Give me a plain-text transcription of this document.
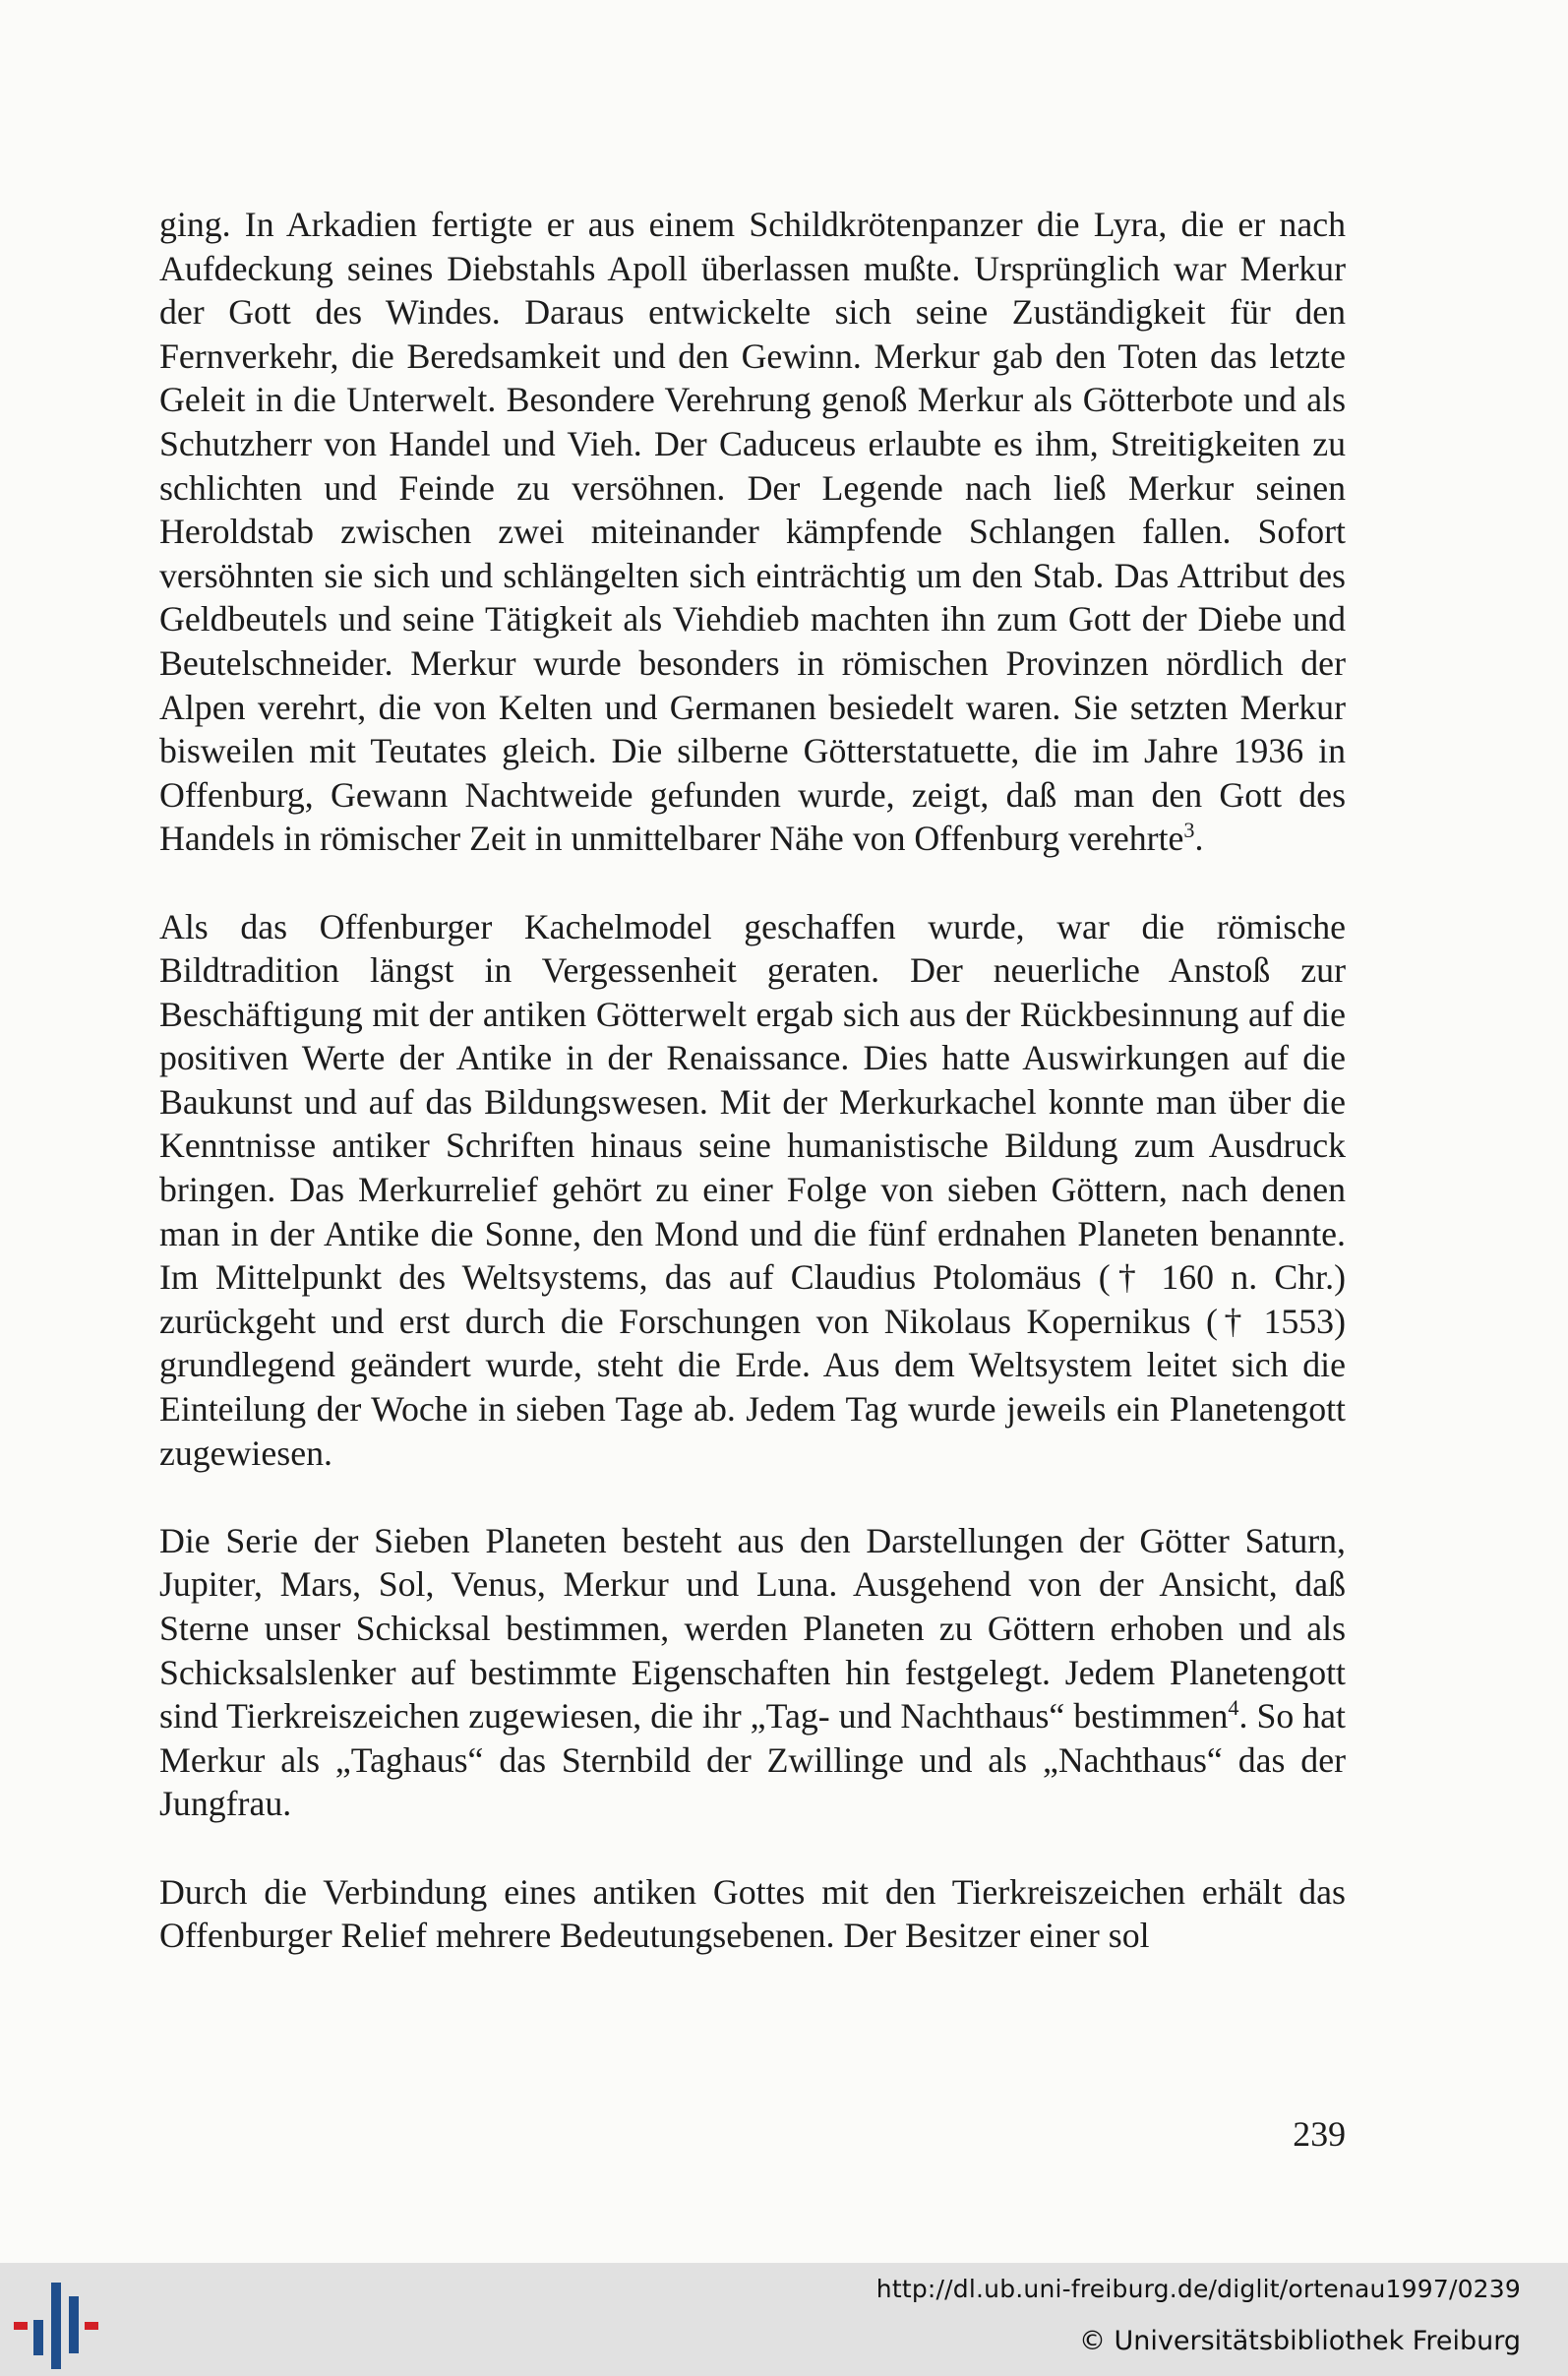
ging. In Arkadien fertigte er aus einem Schildkrötenpanzer die Lyra, die er nach Aufdeckung seines Diebstahls Apoll überlassen mußte. Ursprünglich war Merkur der Gott des Windes. Daraus entwickelte sich seine Zuständigkeit für den Fernverkehr, die Beredsamkeit und den Gewinn. Merkur gab den Toten das letzte Geleit in die Unterwelt. Besondere Verehrung genoß Merkur als Götterbote und als Schutzherr von Handel und Vieh. Der Caduceus erlaubte es ihm, Streitigkeiten zu schlichten und Feinde zu versöhnen. Der Legende nach ließ Merkur seinen Heroldstab zwischen zwei miteinander kämpfende Schlangen fallen. Sofort versöhnten sie sich und schlängelten sich einträchtig um den Stab. Das Attribut des Geldbeutels und seine Tätigkeit als Viehdieb machten ihn zum Gott der Diebe und Beutelschneider. Merkur wurde besonders in römischen Provinzen nördlich der Alpen verehrt, die von Kelten und Germanen besiedelt waren. Sie setzten Merkur bisweilen mit Teutates gleich. Die silberne Götterstatuette, die im Jahre 1936 in Offenburg, Gewann Nachtweide gefunden wurde, zeigt, daß man den Gott des Handels in römischer Zeit in unmittelbarer Nähe von Offenburg verehrte$^3$.

Als das Offenburger Kachelmodel geschaffen wurde, war die römische Bildtradition längst in Vergessenheit geraten. Der neuerliche Anstoß zur Beschäftigung mit der antiken Götterwelt ergab sich aus der Rückbesinnung auf die positiven Werte der Antike in der Renaissance. Dies hatte Auswirkungen auf die Baukunst und auf das Bildungswesen. Mit der Merkurkachel konnte man über die Kenntnisse antiker Schriften hinaus seine humanistische Bildung zum Ausdruck bringen. Das Merkurrelief gehört zu einer Folge von sieben Göttern, nach denen man in der Antike die Sonne, den Mond und die fünf erdnahen Planeten benannte. Im Mittelpunkt des Weltsystems, das auf Claudius Ptolomäus († 160 n. Chr.) zurückgeht und erst durch die Forschungen von Nikolaus Kopernikus († 1553) grundlegend geändert wurde, steht die Erde. Aus dem Weltsystem leitet sich die Einteilung der Woche in sieben Tage ab. Jedem Tag wurde jeweils ein Planetengott zugewiesen.

Die Serie der Sieben Planeten besteht aus den Darstellungen der Götter Saturn, Jupiter, Mars, Sol, Venus, Merkur und Luna. Ausgehend von der Ansicht, daß Sterne unser Schicksal bestimmen, werden Planeten zu Göttern erhoben und als Schicksalslenker auf bestimmte Eigenschaften hin festgelegt. Jedem Planetengott sind Tierkreiszeichen zugewiesen, die ihr „Tag- und Nachthaus“ bestimmen$^4$. So hat Merkur als „Taghaus“ das Sternbild der Zwillinge und als „Nachthaus“ das der Jungfrau.

Durch die Verbindung eines antiken Gottes mit den Tierkreiszeichen erhält das Offenburger Relief mehrere Bedeutungsebenen. Der Besitzer einer sol

239
http://dl.ub.uni-freiburg.de/diglit/ortenau1997/0239
© Universitätsbibliothek Freiburg
